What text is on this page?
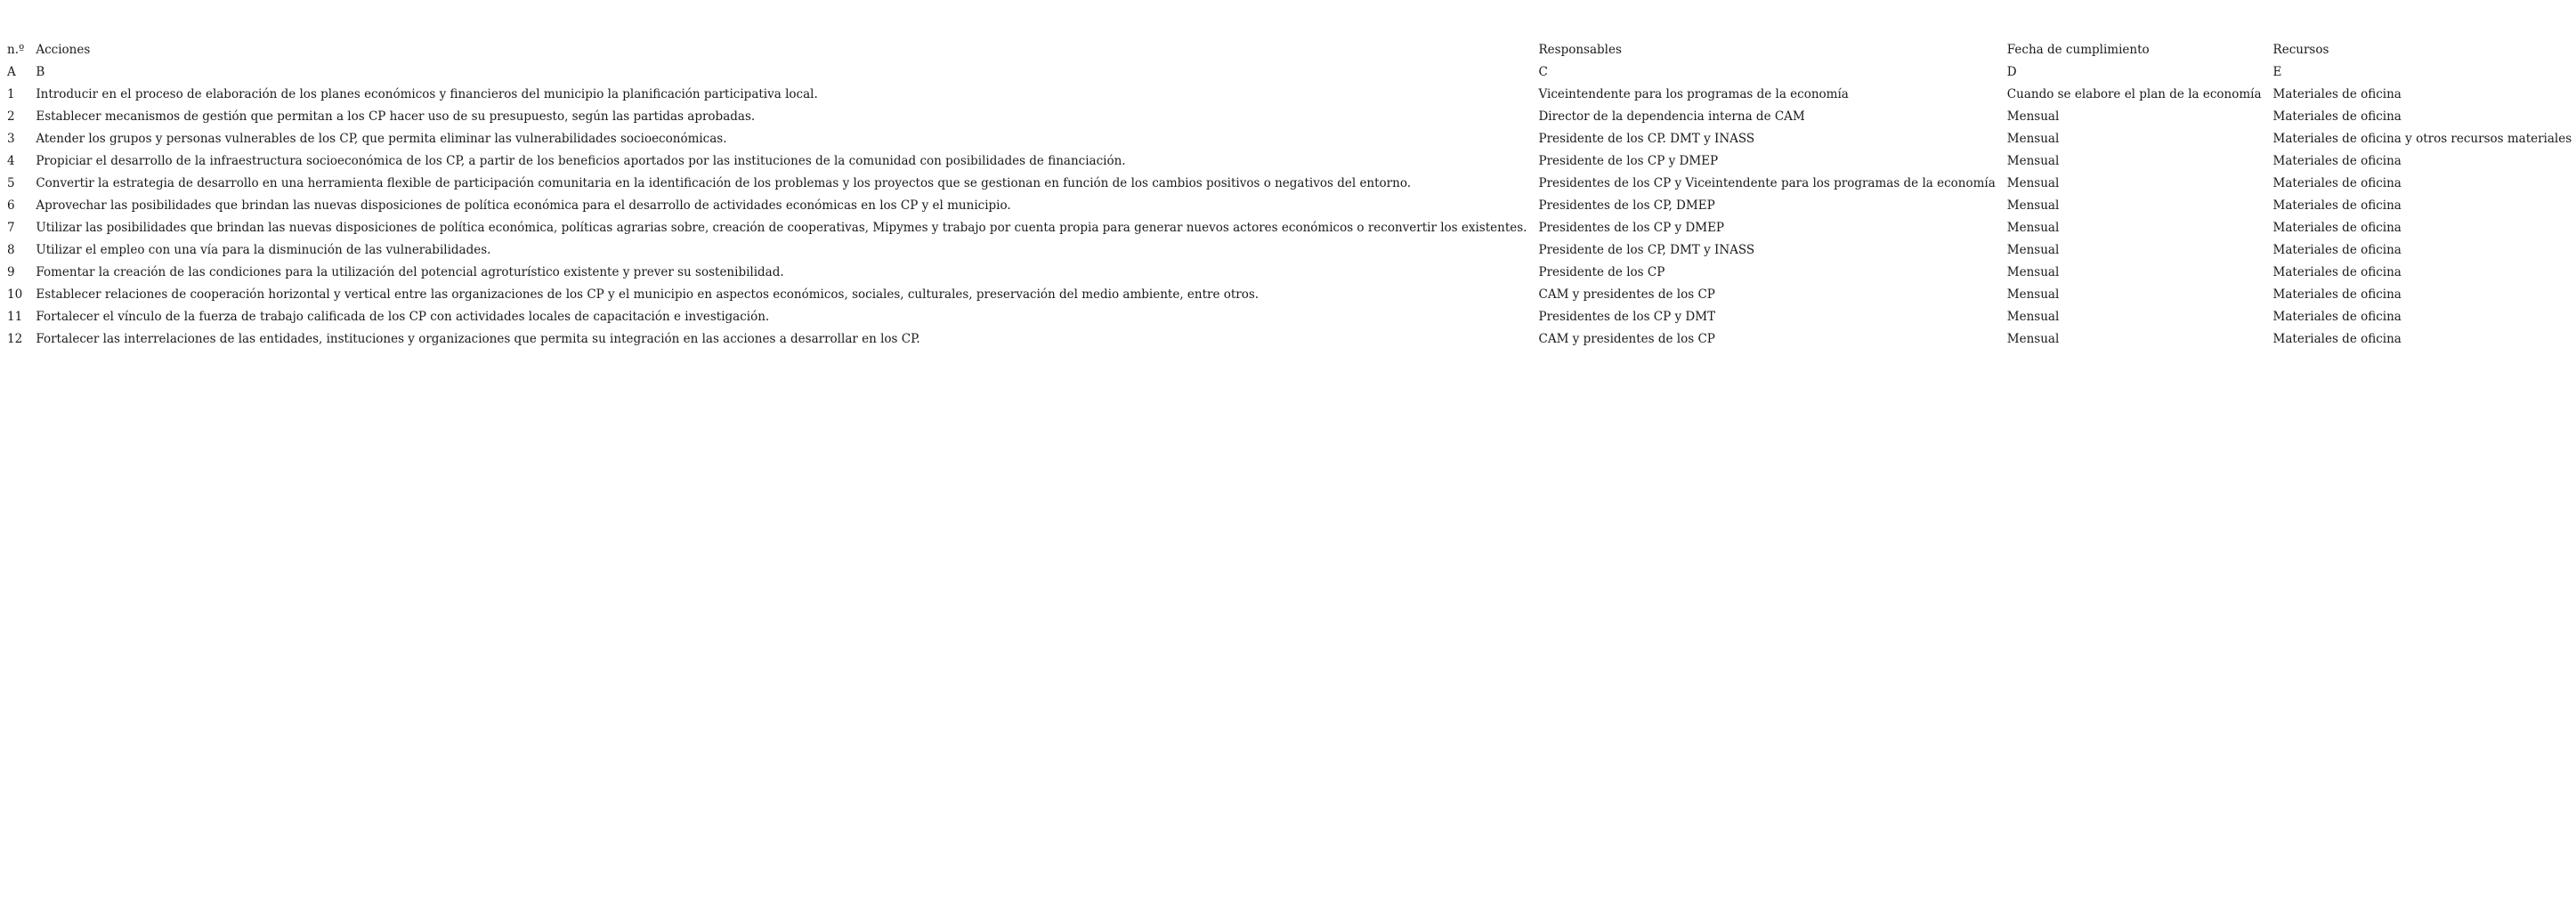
n.º	Acciones	Responsables	Fecha de cumplimiento	Recursos
A	B	C	D	E
1	Introducir en el proceso de elaboración de los planes económicos y financieros del municipio la planificación participativa local.	Viceintendente para los programas de la economía	Cuando se elabore el plan de la economía	Materiales de oficina
2	Establecer mecanismos de gestión que permitan a los CP hacer uso de su presupuesto, según las partidas aprobadas.	Director de la dependencia interna de CAM	Mensual	Materiales de oficina
3	Atender los grupos y personas vulnerables de los CP, que permita eliminar las vulnerabilidades socioeconómicas.	Presidente de los CP. DMT y INASS	Mensual	Materiales de oficina y otros recursos materiales
4	Propiciar el desarrollo de la infraestructura socioeconómica de los CP, a partir de los beneficios aportados por las instituciones de la comunidad con posibilidades de financiación.	Presidente de los CP y DMEP	Mensual	Materiales de oficina
5	Convertir la estrategia de desarrollo en una herramienta flexible de participación comunitaria en la identificación de los problemas y los proyectos que se gestionan en función de los cambios positivos o negativos del entorno.	Presidentes de los CP y Viceintendente para los programas de la economía	Mensual	Materiales de oficina
6	Aprovechar las posibilidades que brindan las nuevas disposiciones de política económica para el desarrollo de actividades económicas en los CP y el municipio.	Presidentes de los CP, DMEP	Mensual	Materiales de oficina
7	Utilizar las posibilidades que brindan las nuevas disposiciones de política económica, políticas agrarias sobre, creación de cooperativas, Mipymes y trabajo por cuenta propia para generar nuevos actores económicos o reconvertir los existentes.	Presidentes de los CP y DMEP	Mensual	Materiales de oficina
8	Utilizar el empleo con una vía para la disminución de las vulnerabilidades.	Presidente de los CP, DMT y INASS	Mensual	Materiales de oficina
9	Fomentar la creación de las condiciones para la utilización del potencial agroturístico existente y prever su sostenibilidad.	Presidente de los CP	Mensual	Materiales de oficina
10	Establecer relaciones de cooperación horizontal y vertical entre las organizaciones de los CP y el municipio en aspectos económicos, sociales, culturales, preservación del medio ambiente, entre otros.	CAM y presidentes de los CP	Mensual	Materiales de oficina
11	Fortalecer el vínculo de la fuerza de trabajo calificada de los CP con actividades locales de capacitación e investigación.	Presidentes de los CP y DMT	Mensual	Materiales de oficina
12	Fortalecer las interrelaciones de las entidades, instituciones y organizaciones que permita su integración en las acciones a desarrollar en los CP.	CAM y presidentes de los CP	Mensual	Materiales de oficina
